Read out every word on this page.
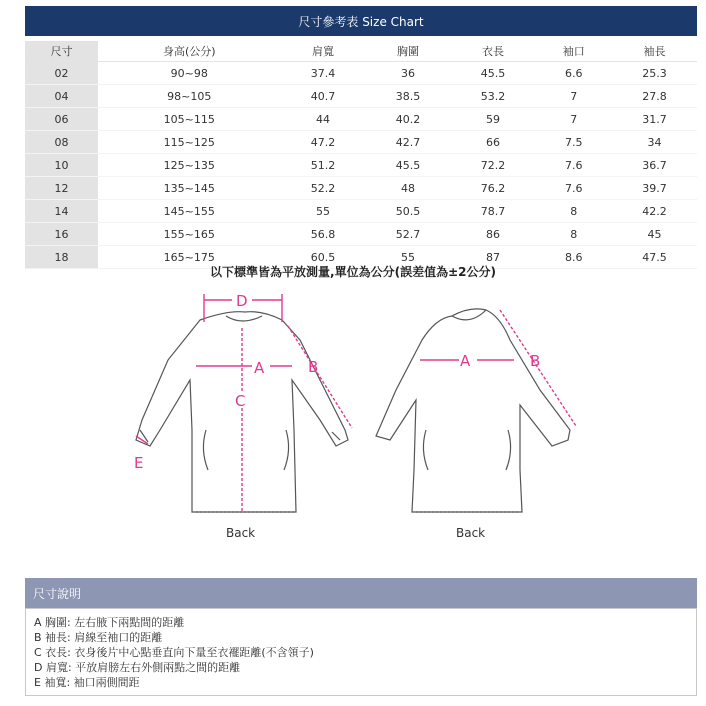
尺寸參考表 Size Chart
尺寸	身高(公分)	肩寬	胸圍	衣長	袖口	袖長
02	90~98	37.4	36	45.5	6.6	25.3
04	98~105	40.7	38.5	53.2	7	27.8
06	105~115	44	40.2	59	7	31.7
08	115~125	47.2	42.7	66	7.5	34
10	125~135	51.2	45.5	72.2	7.6	36.7
12	135~145	52.2	48	76.2	7.6	39.7
14	145~155	55	50.5	78.7	8	42.2
16	155~165	56.8	52.7	86	8	45
18	165~175	60.5	55	87	8.6	47.5
以下標準皆為平放測量,單位為公分(誤差值為±2公分)
D
A
C
B
E
A	B
Back	Back
尺寸說明
A 胸圍: 左右腋下兩點間的距離
B 袖長: 肩線至袖口的距離
C 衣長: 衣身後片中心點垂直向下量至衣襬距離(不含領子)
D 肩寬: 平放肩膀左右外側兩點之間的距離
E 袖寬: 袖口兩側間距
